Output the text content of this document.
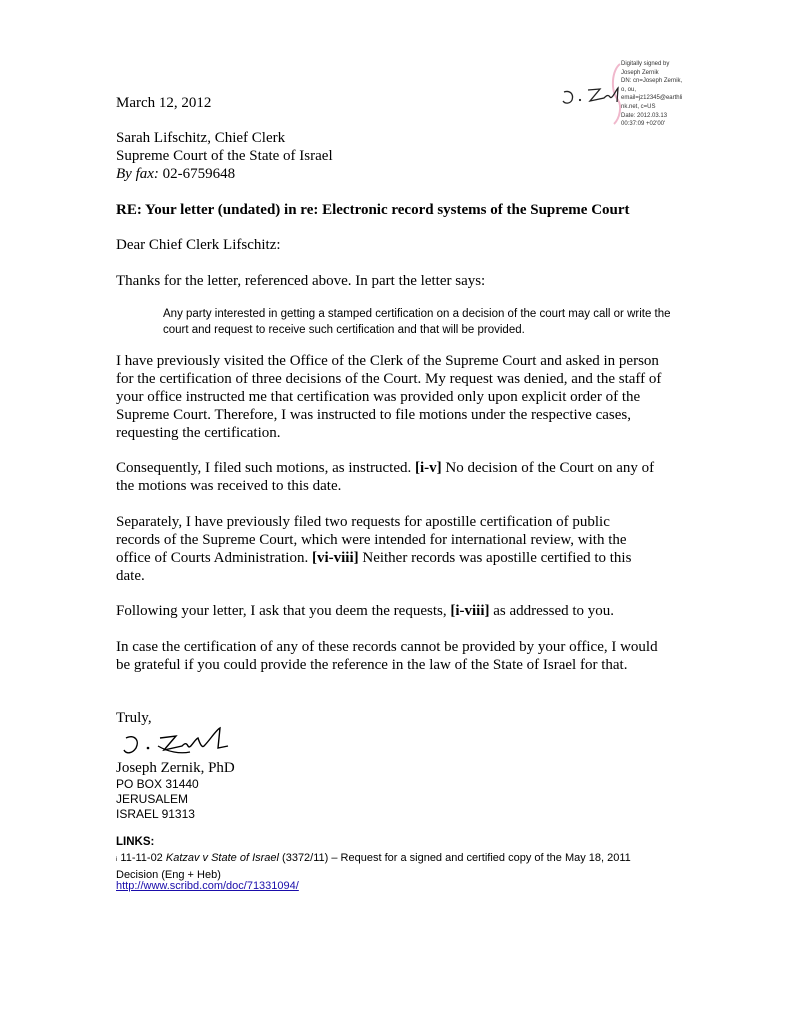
Digitally signed by
Joseph Zernik
DN: cn=Joseph Zernik,
o, ou,
email=jz12345@earthli
nk.net, c=US
Date: 2012.03.13
00:37:09 +02'00'
March 12, 2012
Sarah Lifschitz, Chief Clerk
Supreme Court of the State of Israel
By fax: 02-6759648
RE: Your letter (undated) in re: Electronic record systems of the Supreme Court
Dear Chief Clerk Lifschitz:
Thanks for the letter, referenced above. In part the letter says:
Any party interested in getting a stamped certification on a decision of the court may call or write the court and request to receive such certification and that will be provided.
I have previously visited the Office of the Clerk of the Supreme Court and asked in person for the certification of three decisions of the Court. My request was denied, and the staff of your office instructed me that certification was provided only upon explicit order of the Supreme Court. Therefore, I was instructed to file motions under the respective cases, requesting the certification.
Consequently, I filed such motions, as instructed. [i-v] No decision of the Court on any of the motions was received to this date.
Separately, I have previously filed two requests for apostille certification of public records of the Supreme Court, which were intended for international review, with the office of Courts Administration. [vi-viii] Neither records was apostille certified to this date.
Following your letter, I ask that you deem the requests, [i-viii] as addressed to you.
In case the certification of any of these records cannot be provided by your office, I would be grateful if you could provide the reference in the law of the State of Israel for that.
Truly,
Joseph Zernik, PhD
PO BOX 31440
JERUSALEM
ISRAEL 91313
LINKS:
i 11-11-02 Katzav v State of Israel (3372/11) – Request for a signed and certified copy of the May 18, 2011 Decision (Eng + Heb)
http://www.scribd.com/doc/71331094/
